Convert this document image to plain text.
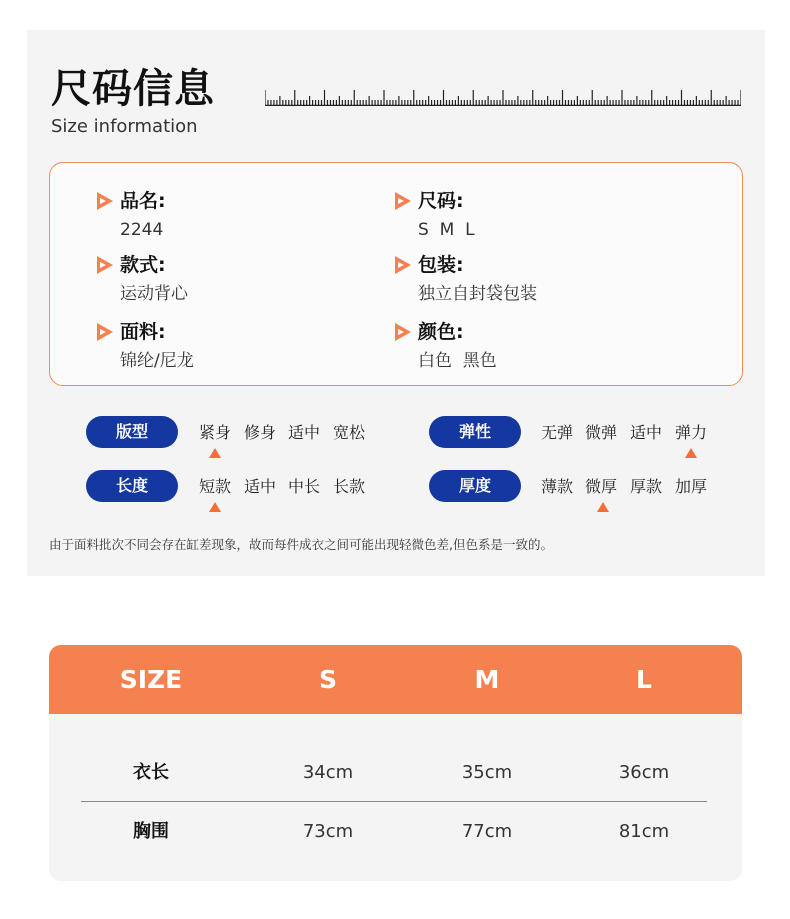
尺码信息
Size information
品名:
2244
尺码:
S  M  L
款式:
运动背心
包装:
独立自封袋包装
面料:
锦纶/尼龙
颜色:
白色  黑色
版型	紧身 修身 适中 宽松	弹性	无弹 微弹 适中 弹力
长度	短款 适中 中长 长款	厚度	薄款 微厚 厚款 加厚
由于面料批次不同会存在缸差现象，故而每件成衣之间可能出现轻微色差,但色系是一致的。
SIZE	S	M	L
衣长	34cm	35cm	36cm
胸围	73cm	77cm	81cm
